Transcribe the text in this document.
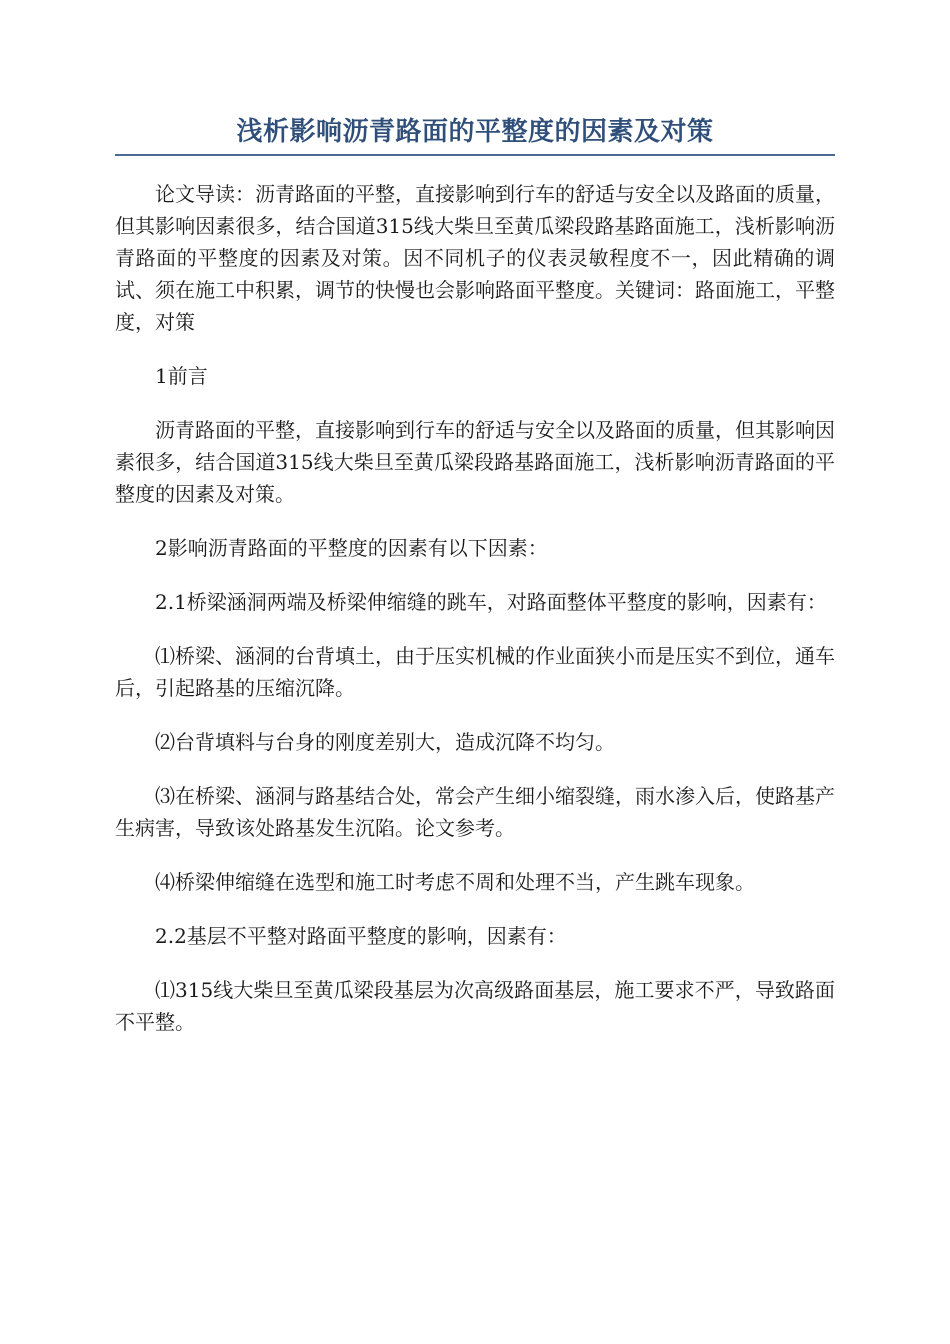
浅析影响沥青路面的平整度的因素及对策

论文导读：沥青路面的平整，直接影响到行车的舒适与安全以及路面的质量，但其影响因素很多，结合国道315线大柴旦至黄瓜梁段路基路面施工，浅析影响沥青路面的平整度的因素及对策。因不同机子的仪表灵敏程度不一，因此精确的调试、须在施工中积累，调节的快慢也会影响路面平整度。关键词：路面施工，平整度，对策

1前言

沥青路面的平整，直接影响到行车的舒适与安全以及路面的质量，但其影响因素很多，结合国道315线大柴旦至黄瓜梁段路基路面施工，浅析影响沥青路面的平整度的因素及对策。

2影响沥青路面的平整度的因素有以下因素：

2.1桥梁涵洞两端及桥梁伸缩缝的跳车，对路面整体平整度的影响，因素有：

⑴桥梁、涵洞的台背填土，由于压实机械的作业面狭小而是压实不到位，通车后，引起路基的压缩沉降。

⑵台背填料与台身的刚度差别大，造成沉降不均匀。

⑶在桥梁、涵洞与路基结合处，常会产生细小缩裂缝，雨水渗入后，使路基产生病害，导致该处路基发生沉陷。论文参考。

⑷桥梁伸缩缝在选型和施工时考虑不周和处理不当，产生跳车现象。

2.2基层不平整对路面平整度的影响，因素有：

⑴315线大柴旦至黄瓜梁段基层为次高级路面基层，施工要求不严，导致路面不平整。
